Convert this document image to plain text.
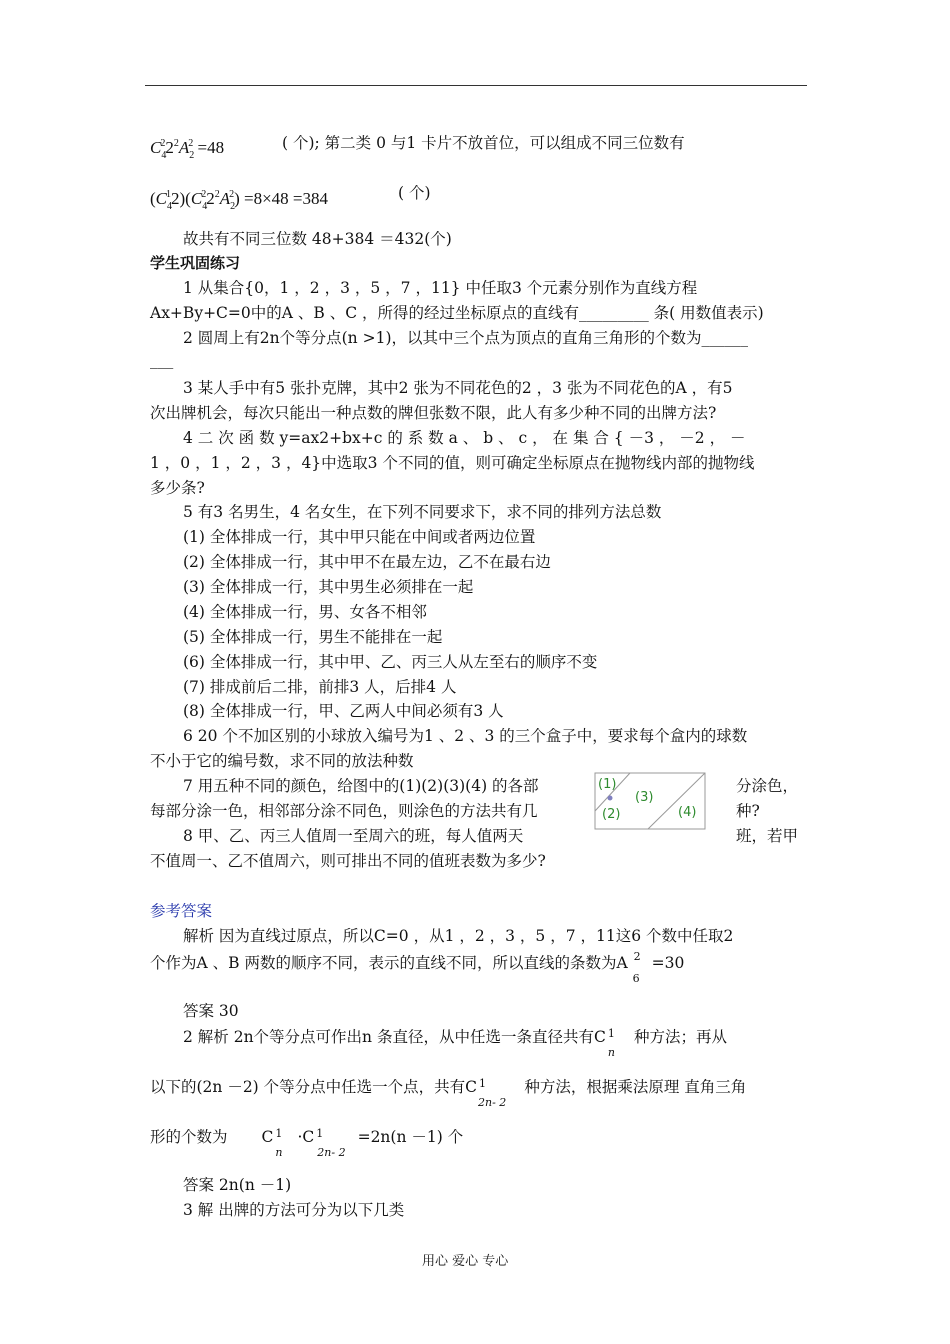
$C_4^22^2A_2^2 =48$	( 个); 第二类 0 与1 卡片不放首位，可以组成不同三位数有
$(C_4^12)(C_4^22^2A_2^2) =8\times 48 =384$	( 个)
故共有不同三位数 48+384 ＝432(个)
学生巩固练习
1 从集合{0，1 ，2 ，3 ，5 ，7 ，11} 中任取3 个元素分别作为直线方程
Ax+By+C=0中的A 、B 、C ，所得的经过坐标原点的直线有_________ 条( 用数值表示)
2 圆周上有2n个等分点(n >1)，以其中三个点为顶点的直角三角形的个数为______
___
3 某人手中有5 张扑克牌，其中2 张为不同花色的2 ，3 张为不同花色的A ，有5
次出牌机会，每次只能出一种点数的牌但张数不限，此人有多少种不同的出牌方法?
4 二 次 函 数 y=ax2+bx+c 的 系 数 a 、 b 、 c ， 在 集 合 { －3 ， －2 ， －
1 ，0 ，1 ，2 ，3 ，4}中选取3 个不同的值，则可确定坐标原点在抛物线内部的抛物线
多少条?
5 有3 名男生，4 名女生，在下列不同要求下，求不同的排列方法总数
(1) 全体排成一行，其中甲只能在中间或者两边位置
(2) 全体排成一行，其中甲不在最左边，乙不在最右边
(3) 全体排成一行，其中男生必须排在一起
(4) 全体排成一行，男、女各不相邻
(5) 全体排成一行，男生不能排在一起
(6) 全体排成一行，其中甲、乙、丙三人从左至右的顺序不变
(7) 排成前后二排，前排3 人，后排4 人
(8) 全体排成一行，甲、乙两人中间必须有3 人
6 20 个不加区别的小球放入编号为1 、2 、3 的三个盒子中，要求每个盒内的球数
不小于它的编号数，求不同的放法种数
7 用五种不同的颜色，给图中的(1)(2)(3)(4) 的各部	分涂色，
每部分涂一色，相邻部分涂不同色，则涂色的方法共有几	种?
(1)
(2)
(3)
(4)
8 甲、乙、丙三人值周一至周六的班，每人值两天	班，若甲
不值周一、乙不值周六，则可排出不同的值班表数为多少?
参考答案
解析 因为直线过原点，所以C=0 ，从1 ，2 ，3 ，5 ，7 ，11这6 个数中任取2
个作为A 、B 两数的顺序不同，表示的直线不同，所以直线的条数为A $^2_6$=30
答案 30
2 解析 2n个等分点可作出n 条直径，从中任选一条直径共有C $^1_n$种方法；再从
以下的(2n －2) 个等分点中任选一个点，共有C $^1_{2n- 2}$种方法，根据乘法原理 直角三角
形的个数为 C $^1_n$·C $^1_{2n- 2}$=2n(n －1) 个
答案 2n(n －1)
3 解 出牌的方法可分为以下几类
用心 爱心 专心
